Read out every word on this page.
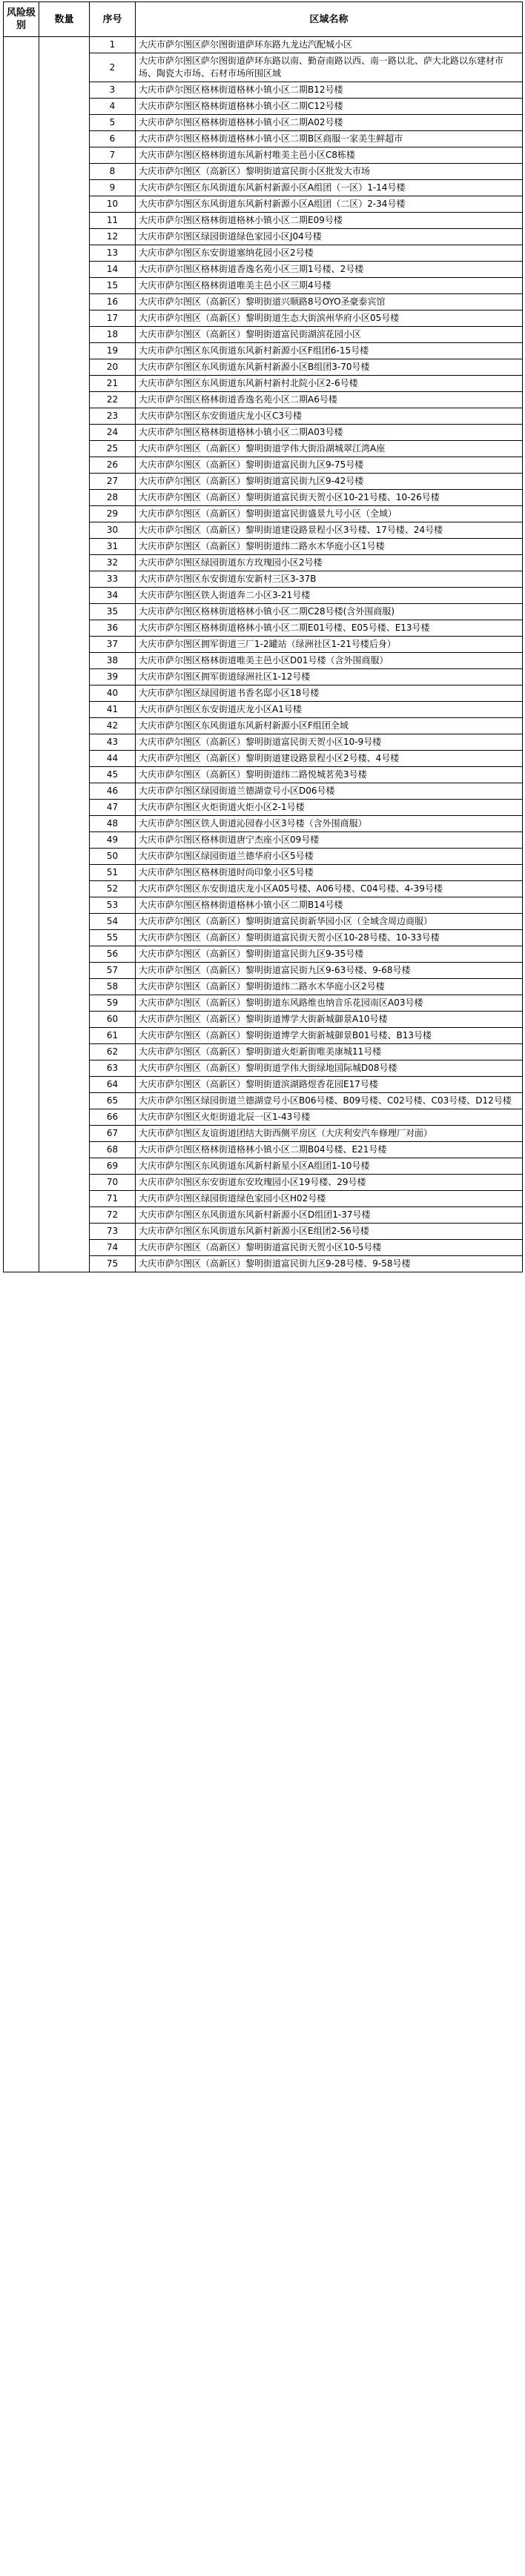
风险级别	数量	序号	区域名称
		1	大庆市萨尔图区萨尔图街道萨环东路九龙达汽配城小区
		2	大庆市萨尔图区萨尔图街道萨环东路以南、勤奋南路以西、南一路以北、萨大北路以东建材市场、陶瓷大市场、石材市场所围区域
		3	大庆市萨尔图区格林街道格林小镇小区二期B12号楼
		4	大庆市萨尔图区格林街道格林小镇小区二期C12号楼
		5	大庆市萨尔图区格林街道格林小镇小区二期A02号楼
		6	大庆市萨尔图区格林街道格林小镇小区二期B区商服一家美生鲜超市
		7	大庆市萨尔图区格林街道东风新村唯美主邑小区C8栋楼
		8	大庆市萨尔图区（高新区）黎明街道富民街小区批发大市场
		9	大庆市萨尔图区东风街道东风新村新源小区A组团（一区）1-14号楼
		10	大庆市萨尔图区东风街道东风新村新源小区A组团（二区）2-34号楼
		11	大庆市萨尔图区格林街道格林小镇小区二期E09号楼
		12	大庆市萨尔图区绿园街道绿色家园小区J04号楼
		13	大庆市萨尔图区东安街道塞纳花园小区2号楼
		14	大庆市萨尔图区格林街道香逸名苑小区三期1号楼、2号楼
		15	大庆市萨尔图区格林街道唯美主邑小区三期4号楼
		16	大庆市萨尔图区（高新区）黎明街道兴顺路8号OYO圣豪泰宾馆
		17	大庆市萨尔图区（高新区）黎明街道生态大街滨州华府小区05号楼
		18	大庆市萨尔图区（高新区）黎明街道富民街湖滨花园小区
		19	大庆市萨尔图区东风街道东风新村新源小区F组团6-15号楼
		20	大庆市萨尔图区东风街道东风新村新源小区B组团3-70号楼
		21	大庆市萨尔图区东风街道东风新村新村北院小区2-6号楼
		22	大庆市萨尔图区格林街道香逸名苑小区二期A6号楼
		23	大庆市萨尔图区东安街道庆龙小区C3号楼
		24	大庆市萨尔图区格林街道格林小镇小区二期A03号楼
		25	大庆市萨尔图区（高新区）黎明街道学伟大街沿湖城翠江湾A座
		26	大庆市萨尔图区（高新区）黎明街道富民街九区9-75号楼
		27	大庆市萨尔图区（高新区）黎明街道富民街九区9-42号楼
		28	大庆市萨尔图区（高新区）黎明街道富民街天贺小区10-21号楼、10-26号楼
		29	大庆市萨尔图区（高新区）黎明街道富民街盛景九号小区（全域）
		30	大庆市萨尔图区（高新区）黎明街道建设路景程小区3号楼、17号楼、24号楼
		31	大庆市萨尔图区（高新区）黎明街道纬二路水木华庭小区1号楼
		32	大庆市萨尔图区绿园街道东方玫瑰园小区2号楼
		33	大庆市萨尔图区东安街道东安新村三区3-37B
		34	大庆市萨尔图区铁人街道奔二小区3-21号楼
		35	大庆市萨尔图区格林街道格林小镇小区二期C28号楼(含外围商服)
		36	大庆市萨尔图区格林街道格林小镇小区二期E01号楼、E05号楼、E13号楼
		37	大庆市萨尔图区拥军街道三厂1-2罐站（绿洲社区1-21号楼后身）
		38	大庆市萨尔图区格林街道唯美主邑小区D01号楼（含外围商服）
		39	大庆市萨尔图区拥军街道绿洲社区1-12号楼
		40	大庆市萨尔图区绿园街道书香名邸小区18号楼
		41	大庆市萨尔图区东安街道庆龙小区A1号楼
		42	大庆市萨尔图区东风街道东风新村新源小区F组团全域
		43	大庆市萨尔图区（高新区）黎明街道富民街天贺小区10-9号楼
		44	大庆市萨尔图区（高新区）黎明街道建设路景程小区2号楼、4号楼
		45	大庆市萨尔图区（高新区）黎明街道纬二路悦城茗苑3号楼
		46	大庆市萨尔图区绿园街道兰德湖壹号小区D06号楼
		47	大庆市萨尔图区火炬街道火炬小区2-1号楼
		48	大庆市萨尔图区铁人街道沁园春小区3号楼（含外围商服）
		49	大庆市萨尔图区格林街道唐宁杰座小区09号楼
		50	大庆市萨尔图区绿园街道兰德华府小区5号楼
		51	大庆市萨尔图区格林街道时尚印象小区5号楼
		52	大庆市萨尔图区东安街道庆龙小区A05号楼、A06号楼、C04号楼、4-39号楼
		53	大庆市萨尔图区格林街道格林小镇小区二期B14号楼
		54	大庆市萨尔图区（高新区）黎明街道富民街新华园小区（全域含周边商服）
		55	大庆市萨尔图区（高新区）黎明街道富民街天贺小区10-28号楼、10-33号楼
		56	大庆市萨尔图区（高新区）黎明街道富民街九区9-35号楼
		57	大庆市萨尔图区（高新区）黎明街道富民街九区9-63号楼、9-68号楼
		58	大庆市萨尔图区（高新区）黎明街道纬二路水木华庭小区2号楼
		59	大庆市萨尔图区（高新区）黎明街道东风路维也纳音乐花园南区A03号楼
		60	大庆市萨尔图区（高新区）黎明街道博学大街新城御景A10号楼
		61	大庆市萨尔图区（高新区）黎明街道博学大街新城御景B01号楼、B13号楼
		62	大庆市萨尔图区（高新区）黎明街道火炬新街唯美康城11号楼
		63	大庆市萨尔图区（高新区）黎明街道学伟大街绿地国际城D08号楼
		64	大庆市萨尔图区（高新区）黎明街道滨湖路煜香花园E17号楼
		65	大庆市萨尔图区绿园街道兰德湖壹号小区B06号楼、B09号楼、C02号楼、C03号楼、D12号楼
		66	大庆市萨尔图区火炬街道北辰一区1-43号楼
		67	大庆市萨尔图区友谊街道团结大街西侧平房区（大庆利安汽车修理厂对面）
		68	大庆市萨尔图区格林街道格林小镇小区二期B04号楼、E21号楼
		69	大庆市萨尔图区东风街道东风新村新星小区A组团1-10号楼
		70	大庆市萨尔图区东安街道东安玫瑰园小区19号楼、29号楼
		71	大庆市萨尔图区绿园街道绿色家园小区H02号楼
		72	大庆市萨尔图区东风街道东风新村新源小区D组团1-37号楼
		73	大庆市萨尔图区东风街道东风新村新源小区E组团2-56号楼
		74	大庆市萨尔图区（高新区）黎明街道富民街天贺小区10-5号楼
		75	大庆市萨尔图区（高新区）黎明街道富民街九区9-28号楼、9-58号楼
